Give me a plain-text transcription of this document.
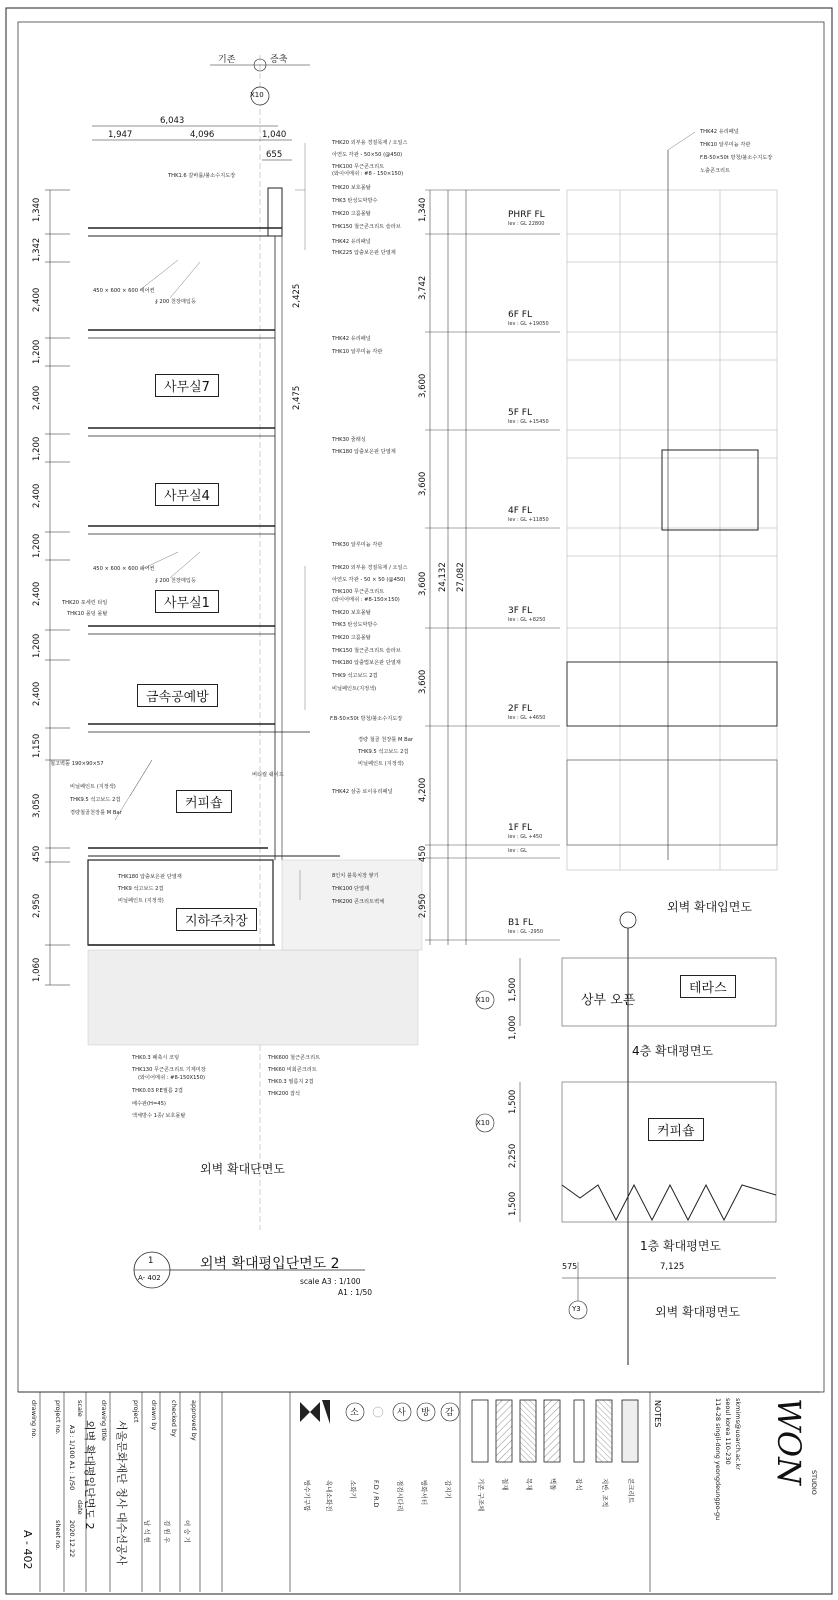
기존	증축
X10
6,043
1,947	4,096	1,040
655
1,340
1,342
2,400
1,200
2,400
1,200
2,400
1,200
2,400
1,200
2,400
1,150
3,050
450
2,950
1,060
2,425
2,475
1,340
3,742
3,600
3,600
3,600
3,600
4,200
450
2,950
24,132 27,082
사무실7
사무실4
사무실1
금속공예방
커피숍
지하주차장
THK1.6 갈바륨/불소수지도장
450 × 600 × 600 에어컨
∮ 200 천장매입등
450 × 600 × 600 에어컨
∮ 200 천장매입등
THK20 포세린 타일
THK10 몰딩 몰탈
철고벽돌 190×90×57
비닐페인트 (지정색)
THK9.5 석고보드 2겹
경량철골천장틀 M Bar
THK180 압출보온판 단열재
THK9 석고보드 2겹
비닐페인트 (지정색)
THK20 외부용 경질목재 / 오일스
아연도 각관 - 50×50 (@450)
THK100 무근콘크리트
(와이어메쉬 : #8 - 150×150)
THK20 보호몰탈
THK3 탄성도막방수
THK20 고름몰탈
THK150 철근콘크리트 슬라브
THK42 유리패널
THK225 압출보온판 단열재
THK42 유리패널
THK10 알루미늄 각관
THK30 줄래싱
THK180 압출보온판 단열재
THK30 알루미늄 각관
THK20 외부용 경질목재 / 오일스
아연도 각관 - 50 × 50 (@450)
THK100 무근콘크리트
(와이어메쉬 : #8-150×150)
THK20 보호몰탈
THK3 탄성도막방수
THK20 고름몰탈
THK150 철근콘크리트 슬라브
THK180 압출법보온판 단열재
THK9 석고보드 2겹
비닐페인트(지정색)
F.B-50×50t 방청/불소수지도장
경량 철골 천장틀 M Bar
THK9.5 석고보드 2겹
비닐페인트 (지정색)
버티컬 쉐이드
THK42 삼중 로이유리패널
8인치 블록치장 쌓기
THK100 단열재
THK200 콘크리트벽체
THK0.3 폐축시 코팅
THK130 무근콘크리트 기계미장
(와이어메쉬 : #8-150X150)
THK0.03 P.E필름 2겹
배수판(H=45)
액체방수 1종/ 보호몰탈
THK600 철근콘크리트
THK60 비회콘크리트
THK0.3 필름지 2겹
THK200 잡석
외벽 확대단면도
PHRF FL
lev : GL 22800
6F FL
lev : GL +19050
5F FL
lev : GL +15450
4F FL
lev : GL +11850
3F FL
lev : GL +8250
2F FL
lev : GL +4650
1F FL
lev : GL +450
lev : GL
B1 FL
lev : GL -2950
THK42 유리패널
THK10 알루미늄 각관
F.B-50×50t 방청/불소수지도장
노출콘크리트
외벽 확대입면도
X10
X10
1,500
1,000
상부 오픈
테라스
4층 확대평면도
1,500
2,250
1,500
커피숍
1층 확대평면도
575	7,125
Y3	외벽 확대평면도
1
A- 402
외벽 확대평입단면도 2
scale A3 : 1/100
A1 : 1/50
drawing no.
A - 402
project no.
sheet no.
scale
A3 : 1/100 A1 : 1/50
date
2020.12.22
drawing title
외벽 확대평입단면도 2
project
서울문화재단 청사 대수선공사
drawn by
남 석 현
checked by
김 원 우
approved by
이 승 기
방수기구함 옥내소화전 소화기 F.D / R.D 점검시다리 방화셔터 감지기
소	사 방 감
기존 구조체 철재 목재 벽돌	잡석	지반, 조적	콘크리트
NOTES	114-28 singil-dong yeongdeungpo-gu seoul korea 110-230 skmims@uoarch.ac.kr WON STUDIO
